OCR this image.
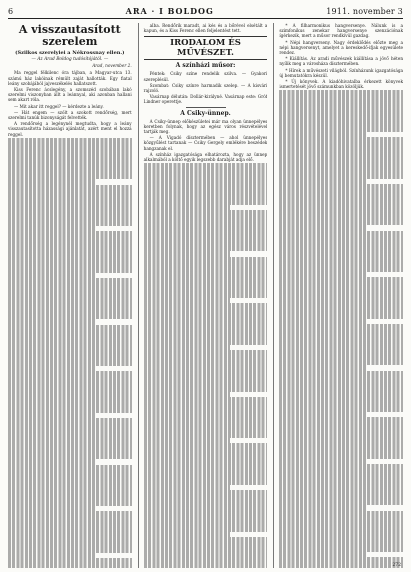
6	ARA · I BOLDOG	1911. november 3
A visszautasított szerelem
(Szilkos szerelyiei a Nékrossnay ellen.)
— Az Arad Boldog tudósítójától. —
Arad, november 2.

Ma reggel félkilenc óra tájban, a Magyar-utca 13. számú ház lakóinak rémült zaját hallották. Egy fiatal leány szobájából jajveszékelés hallatszott.

Kiss Ferenc ácslegény, a szomszéd szobában lakó szerelmi viszonyban állt a leánnyal, aki azonban hallani sem akart róla.

— Mit akar itt reggel? — kérdezte a leány.

— Hát engem — szólt a szokott rendőrség, mert szerelmi tanúk bizonyságát felvették.

A rendőrség a legénynél megtudta, hogy a leány visszautasította házassági ajánlatát, azért ment el hozzá reggel.

alba. Rendőrik maradt, ai kés és a bőrével elsétált a kapun, és a Kiss Ferenc ellen feljelentést tett.

IRODALOM ÉS MŰVÉSZET.
A színházi műsor:

Péntek: Csiky színe rendelik szilva. — Gyakori szereplésül.

Szombat: Csiky színre harmadik szelep. — A kisvári rajzoló.

Vasárnap délután: Dollár-királyné. Vasárnap este: Gróf Lindner operettje.

A Csiky-ünnep.

A Csiky-ünnep előkészületei már ma olyan ünnepélyes keretben folynak, hogy az egész város részvételével tartják meg.

— A Vigadó dísztermében — ahol ünnepélyes közgyűlést tartanak — Csiky Gergely emlékére beszédek hangzanak el.

A színház igazgatósága elhatározta, hogy az ünnep alkalmából a költő egyik legszebb darabját adja elő.

* A filharmonikus hangversenye. Nálunk is a szimfonikus zenekar hangversenye szenzációnak ígérkezik, mert a műsor rendkívül gazdag.

* Népi hangverseny. Nagy érdeklődés előzte meg a népi hangversenyt, amelyet a kereskedő-ifjak egyesülete rendez.

* Kiállítás. Az aradi művészek kiállítása a jövő héten nyílik meg a városháza dísztermében.

* Hírek a művészeti világból. Színházunk igazgatósága új bemutatókra készül.

* Új könyvek. A kiadóhivatalba érkezett könyvek ismertetését jövő számunkban közöljük.

272
